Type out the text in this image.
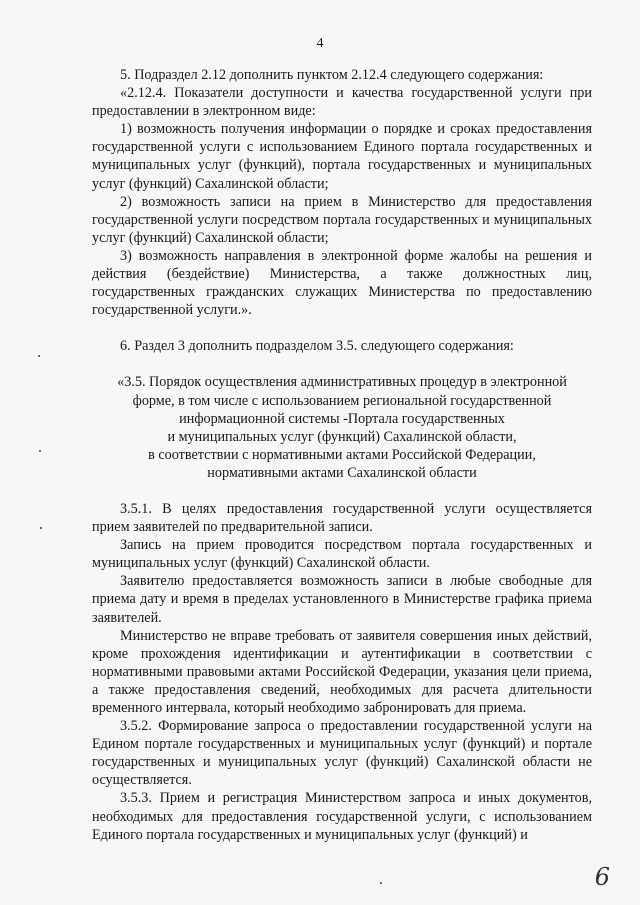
4

5. Подраздел 2.12 дополнить пунктом 2.12.4 следующего содержания:

«2.12.4. Показатели доступности и качества государственной услуги при предоставлении в электронном виде:

1) возможность получения информации о порядке и сроках предоставления государственной услуги с использованием Единого портала государственных и муниципальных услуг (функций), портала государственных и муниципальных услуг (функций) Сахалинской области;

2) возможность записи на прием в Министерство для предоставления государственной услуги посредством портала государственных и муниципальных услуг (функций) Сахалинской области;

3) возможность направления в электронной форме жалобы на решения и действия (бездействие) Министерства, а также должностных лиц, государственных гражданских служащих Министерства по предоставлению государственной услуги.».

6. Раздел 3 дополнить подразделом 3.5. следующего содержания:

«3.5. Порядок осуществления административных процедур в электронной

форме, в том числе с использованием региональной государственной

информационной системы -Портала государственных

и муниципальных услуг (функций) Сахалинской области,

в соответствии с нормативными актами Российской Федерации,

нормативными актами Сахалинской области

3.5.1. В целях предоставления государственной услуги осуществляется прием заявителей по предварительной записи.

Запись на прием проводится посредством портала государственных и муниципальных услуг (функций) Сахалинской области.

Заявителю предоставляется возможность записи в любые свободные для приема дату и время в пределах установленного в Министерстве графика приема заявителей.

Министерство не вправе требовать от заявителя совершения иных действий, кроме прохождения идентификации и аутентификации в соответствии с нормативными правовыми актами Российской Федерации, указания цели приема, а также предоставления сведений, необходимых для расчета длительности временного интервала, который необходимо забронировать для приема.

3.5.2. Формирование запроса о предоставлении государственной услуги на Едином портале государственных и муниципальных услуг (функций) и портале государственных и муниципальных услуг (функций) Сахалинской области не осуществляется.

3.5.3. Прием и регистрация Министерством запроса и иных документов, необходимых для предоставления государственной услуги, с использованием Единого портала государственных и муниципальных услуг (функций) и

6
